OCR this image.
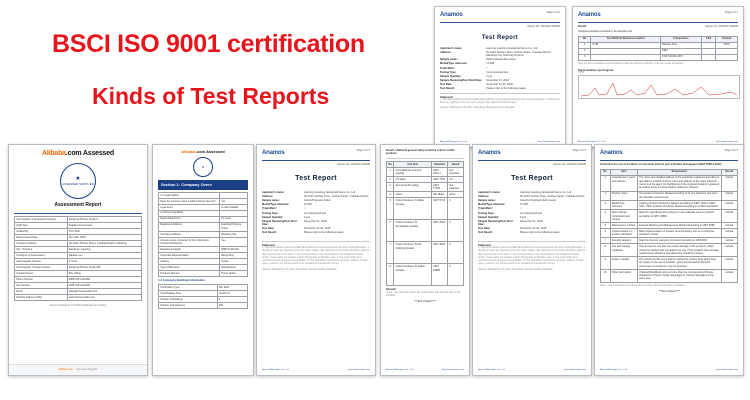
Anamos	Page 1 of 2
Report No. AM51817118005
Test Report
Applicant's name:	Liaoning Liaodong Household Items Co., Ltd.
Address:	No.1010 Jinshan Town, Jinshan Street, Yuanbao District, Dandong City, Liaoning Province
Sample name:	White bamboo fiber towel
Model/Type reference:	LT-008
Trade Mark:	/
Testing Type:	Commissioned test
Sample Quantity:	2 pcs
Sample Receiving/Test Start Date:	November 21, 2018
Test Date:	November 21-30, 2018
Test Result:	Please refer to the following pages
Statement:
1. This report shall be deemed invalid without affixing the special approval seal of the testing laboratory. 2. Should you have any objection to the test report, please raise objections within 15 days.
Address: Building No.1 No.4361, Hutai Road, Baoshan District, Shanghai
Anmos@Shanghai Co., Ltd.	http://www.anmos.com
Anamos	Page 2 of 2
Result:	Report No. AM51817118005
Component analysis conducted by the animating unit:
No.	Test Method/ Reference method	Composition	CAS	Content
1	FTIR	Bamboo fiber		100%
2		SEM		
3		FS/FT-21001.2007		
Note: the above qualitative and quantitative results are objective reflection of the test results of samples.
Representative spectrogram:
i:3708
Anmos@Shanghai Co., Ltd.	http://www.anmos.com
Alibaba.com Assessed
★
ASSESSED SUPPLIER
Assessment Report
Cert Supplier & Assessed Company	Dandong Zhenan Textile II
Audit Type	Supplier Assessment
Verified By	TUV SUD
Report Issued Date	Nov 15th, 2018
Company Address	No.1010, Zhenan Street, Yuanbao District, Dandong
City / Province	Dandong / Liaoning
Consignor of Assessment	Alibaba.com
Gold Supplier Number	6 Years
Gold Supplier Company Name	Dandong Zhenan Textile Mill
Contact Person	Mrs. Wang
Phone Number	0086-415-2122188
Fax Number	0086-415-2122199
Email	sales@zhenantextile.com
Website Address (URL)	www.zhenantextile.com
Service Provided by TUV SUD Certification and Testing
Alibaba.com Assessed Supplier
Alibaba.com Assessed
★
Section 1: Company Overv
1.1 Legal validity	
Does the company have a valid business license?	Yes
Legal Form	Limited Liability
1.2 Export Capability	
Export Experience	11 Years
Registered Address	Liaoning Province, China
Company Address	Dandong City
Annual review conducted by the Industrial & Commercial Bureau	Yes
Registered Capital	RMB 5,000,000
Corporate Representative	Wang Ming
Industry	Textile
Type of Business	Manufacturer
Products /Service	Home Textile
1.3 Company Building Information
Certification Type	ISO 9001
Total Building Area	12,000 m²
Number of Buildings	5
Number of Employees	230
Anamos	Page 1 of 3
Report No. AM51817118005
Test Report
Applicant's name:	Liaoning Liaodong Household Items Co., Ltd.
Address:	No.1010 Jinshan Town, Jinshan Street, Yuanbao District
Sample name:	Cotton/Polyester Fabric
Model/Type reference:	LT-006
Trade Mark:	/
Testing Type:	Commissioned test
Sample Quantity:	2 pcs
Sample Receiving/Test Start Date:
November 21, 2018
Test Date:	November 21-30, 2018
Test Result:	Please refer to the following pages
Statement:
1. This report shall be deemed invalid without affixing the special approval seal of the testing laboratory. 2. Should you have any objection to the test report, please raise objections to the testing laboratory within 15 days upon receipt of the report. 3. The referral testing is only responsible for the submitted samples; results, please retain the samples in their original state to facilitate retest. 4. The report shall not be reproduced as the approval or accreditation. 5. The information including the applicant, address, product name, customer, the sources of which are unmarked in the test lab to do so.
Address: Building No.1 No.4361, Hutai Road, Baoshan District, Shanghai
Anmos@Shanghai Co., Ltd.	http://www.anmos.com
Result: 1.National general safety technical code for textile products
No.	Test Item	Standard	Result
1	Formaldehyde Content (mg/kg)	GB/T 2912.1	Not detected
2	pH Value	GB/T 7573	6.9
3	Azo Dyestuff (mg/kg)	GB/T 17592	Not detected
4	Odour	GB 18401	None
5	Colour Fastness To Water (Grade)	GB/T 5713	4
6	Colour Fastness To Perspiration (Grade)	GB/T 3922	4
7	Colour Fastness To Dry Rubbing (Grade)	GB/T 3920	4
8	Colour Fastness To Saliva (Grade)	GB/T 18886	4
Remark:
Note1 : "Not detected" means the content lower than the limit value of the standard.
****End of Report****
Anmos@Shanghai Co., Ltd.	http://www.anmos.com
Anamos	Page 1 of 3
Report No. AM51817118009
Test Report
Applicant's name:	Liaoning Liaodong Household Items Co., Ltd.
Address:	No.1010 Jinshan Town, Jinshan Street, Yuanbao District
Sample name:	Colourful Synthetic cloth towels
Model/Type reference:	LT-008
Trade Mark:	/
Testing Type:	Commissioned test
Sample Quantity:	3 pcs
Sample Receiving/Test Start Date:
November 21, 2018
Test Date:	November 21-30, 2018
Test Result:	Please refer to the following pages
Statement:
1. This report shall be deemed invalid without affixing the special approval seal of the testing laboratory. 2. Should you have any objection to the test report, please raise objections to the testing laboratory within 15 days upon receipt of the report. 3. The referral testing is only responsible for the submitted samples; results, please retain the samples in their original state to facilitate retest. 4. The report shall not be reproduced as the approval or accreditation. 5. The information including the applicant, address, product name, customer, the sources of which are unmarked in the test lab to do so.
Address: Building No.1 No.4361, Hutai Road, Baoshan District, Shanghai
Anmos@Shanghai Co., Ltd.	http://www.anmos.com
Anamos	Page 3 of 3
Instruction for use of products of consumer interest part 4:Textiles and apparel (GB/T 5296.4-2012)
No.	Item	Requirement	Result
1	manufacturer's name and address	The name and detailed address of the enterprise registered according to law shall be marked, and the name and address of the origin (national name) and the agent (or distributors) of the imported products registered according to law in China shall be marked in Chinese.	Include
2	Product name	The product should be labeled according to its true attributes and meet the standard requirements.	Include
3	Model/Type reference	Clothing products should be labeled according to GB/T 1335 or GB/T 6411. Other products should be labeled according to product standards.	Include
4	Raw material composition and content	Mark the ingredients and contents of raw materials used in products according to GB/T 29862.	Include
5	Maintenance method	Express Washing and Maintenance Method According to GB/T 8685.	Include
6	implementation of product standards	Mark implementation of product County/industry sterns or enterprise standard number.	Include
7	Security category	Mark the Security category of product According to GB 18401	Include
8	Use and storage conditions	How to improve use that may cause damage to the products, which should be marked with precautions for use. If the products have storage requirements should be described they should be marked.	Include
9	Grade of quality	The results and the items that be marked for product level which have an impact on the use of products, group customized products for consumers' convenience, may be provided.	Include
10	Other information	Chinese(Simplified) using no more than the corresponding Chinese characters in Pinyin, foreign languages or minority languages at the same time.	Include
Note1 : Use instructions & Test items do not include content authenticity verification.
****End of Report****
Anmos@Shanghai Co., Ltd.	http://www.anmos.com
BSCI ISO 9001 certification
Kinds of Test Reports
